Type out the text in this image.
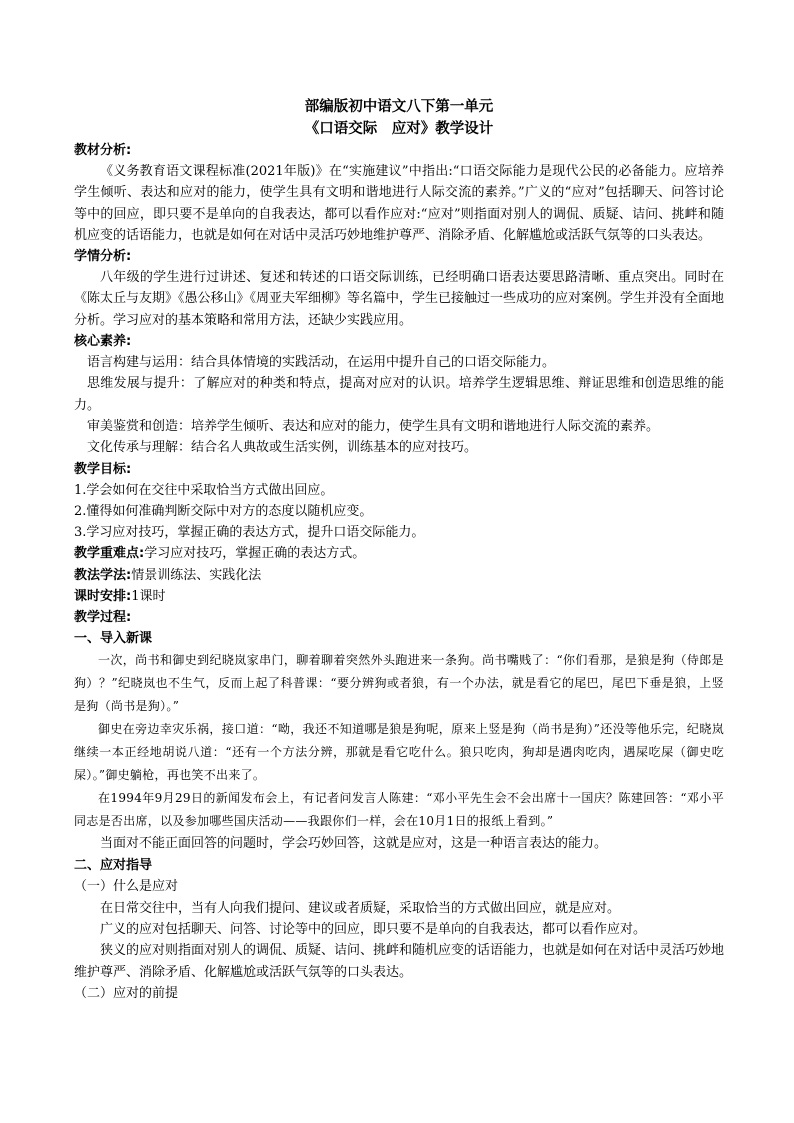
部编版初中语文八下第一单元

《口语交际　应对》教学设计

教材分析:

《义务教育语文课程标准(2021年版)》在“实施建议”中指出:“口语交际能力是现代公民的必备能力。应培养学生倾听、表达和应对的能力，使学生具有文明和谐地进行人际交流的素养。”广义的“应对”包括聊天、问答讨论等中的回应，即只要不是单向的自我表达，都可以看作应对:“应对”则指面对别人的调侃、质疑、诘问、挑衅和随机应变的话语能力，也就是如何在对话中灵活巧妙地维护尊严、消除矛盾、化解尴尬或活跃气氛等的口头表达。

学情分析:

八年级的学生进行过讲述、复述和转述的口语交际训练，已经明确口语表达要思路清晰、重点突出。同时在《陈太丘与友期》《愚公移山》《周亚夫军细柳》等名篇中，学生已接触过一些成功的应对案例。学生并没有全面地分析。学习应对的基本策略和常用方法，还缺少实践应用。

核心素养:

语言构建与运用：结合具体情境的实践活动，在运用中提升自己的口语交际能力。

思维发展与提升：了解应对的种类和特点，提高对应对的认识。培养学生逻辑思维、辩证思维和创造思维的能力。

审美鉴赏和创造：培养学生倾听、表达和应对的能力，使学生具有文明和谐地进行人际交流的素养。

文化传承与理解：结合名人典故或生活实例，训练基本的应对技巧。

教学目标:

1.学会如何在交往中采取恰当方式做出回应。

2.懂得如何准确判断交际中对方的态度以随机应变。

3.学习应对技巧，掌握正确的表达方式，提升口语交际能力。

教学重难点:学习应对技巧，掌握正确的表达方式。

教法学法:情景训练法、实践化法

课时安排:1课时

教学过程:

一、导入新课

一次，尚书和御史到纪晓岚家串门，聊着聊着突然外头跑进来一条狗。尚书嘴贱了：“你们看那，是狼是狗（侍郎是狗）？”纪晓岚也不生气，反而上起了科普课：“要分辨狗或者狼，有一个办法，就是看它的尾巴，尾巴下垂是狼，上竖是狗（尚书是狗）。”

御史在旁边幸灾乐祸，接口道：“呦，我还不知道哪是狼是狗呢，原来上竖是狗（尚书是狗）”还没等他乐完，纪晓岚继续一本正经地胡说八道：“还有一个方法分辨，那就是看它吃什么。狼只吃肉，狗却是遇肉吃肉，遇屎吃屎（御史吃屎）。”御史躺枪，再也笑不出来了。

在1994年9月29日的新闻发布会上，有记者问发言人陈建：“邓小平先生会不会出席十一国庆？陈建回答：“邓小平同志是否出席，以及参加哪些国庆活动——我跟你们一样，会在10月1日的报纸上看到。”

当面对不能正面回答的问题时，学会巧妙回答，这就是应对，这是一种语言表达的能力。

二、应对指导

（一）什么是应对

在日常交往中，当有人向我们提问、建议或者质疑，采取恰当的方式做出回应，就是应对。

广义的应对包括聊天、问答、讨论等中的回应，即只要不是单向的自我表达，都可以看作应对。

狭义的应对则指面对别人的调侃、质疑、诘问、挑衅和随机应变的话语能力，也就是如何在对话中灵活巧妙地维护尊严、消除矛盾、化解尴尬或活跃气氛等的口头表达。

（二）应对的前提
